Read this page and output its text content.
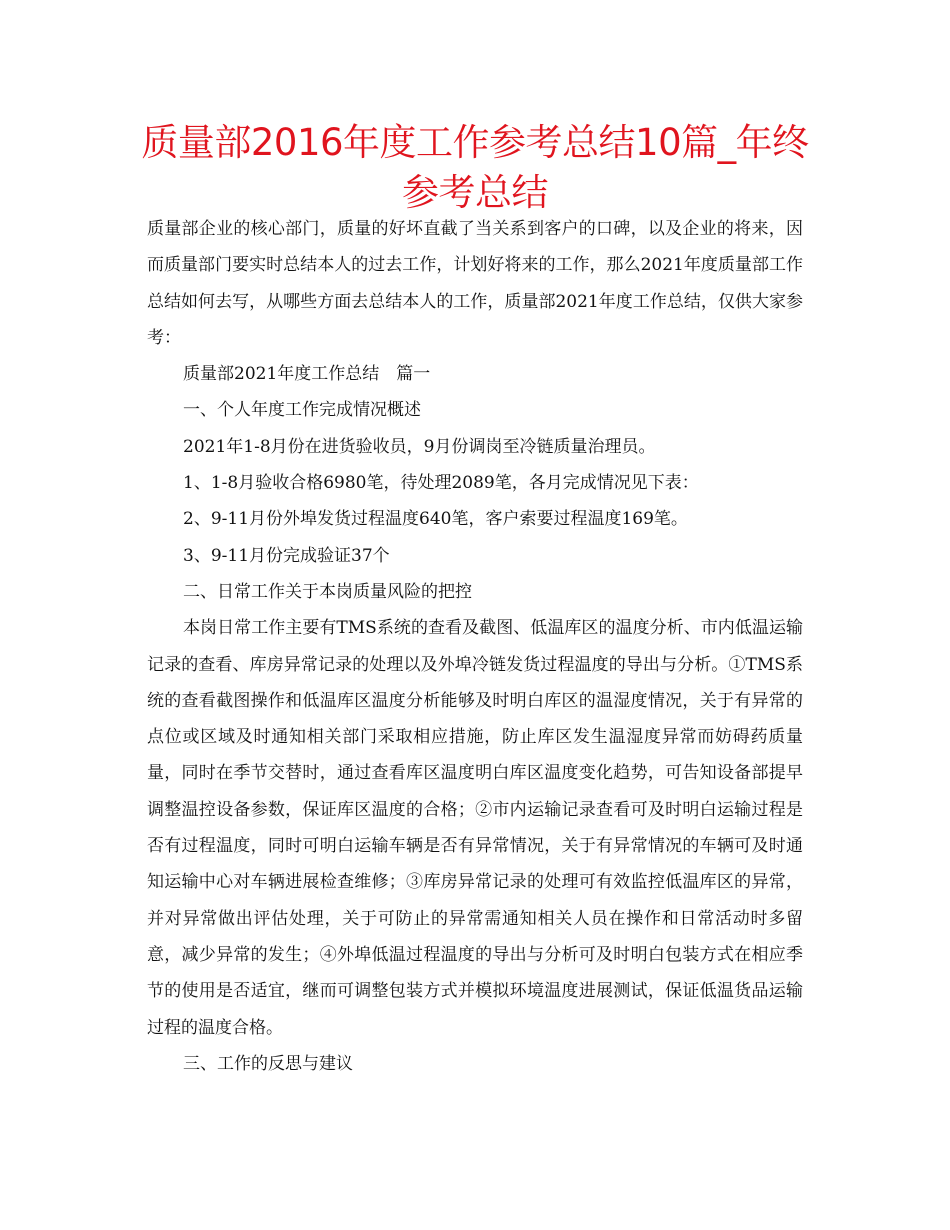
质量部2016年度工作参考总结10篇_年终参考总结

质量部企业的核心部门，质量的好坏直截了当关系到客户的口碑，以及企业的将来，因而质量部门要实时总结本人的过去工作，计划好将来的工作，那么2021年度质量部工作总结如何去写，从哪些方面去总结本人的工作，质量部2021年度工作总结，仅供大家参考：

质量部2021年度工作总结　篇一

一、个人年度工作完成情况概述

2021年1-8月份在进货验收员，9月份调岗至冷链质量治理员。

1、1-8月验收合格6980笔，待处理2089笔，各月完成情况见下表：

2、9-11月份外埠发货过程温度640笔，客户索要过程温度169笔。

3、9-11月份完成验证37个

二、日常工作关于本岗质量风险的把控

本岗日常工作主要有TMS系统的查看及截图、低温库区的温度分析、市内低温运输记录的查看、库房异常记录的处理以及外埠冷链发货过程温度的导出与分析。①TMS系统的查看截图操作和低温库区温度分析能够及时明白库区的温湿度情况，关于有异常的点位或区域及时通知相关部门采取相应措施，防止库区发生温湿度异常而妨碍药质量量，同时在季节交替时，通过查看库区温度明白库区温度变化趋势，可告知设备部提早调整温控设备参数，保证库区温度的合格；②市内运输记录查看可及时明白运输过程是否有过程温度，同时可明白运输车辆是否有异常情况，关于有异常情况的车辆可及时通知运输中心对车辆进展检查维修；③库房异常记录的处理可有效监控低温库区的异常，并对异常做出评估处理，关于可防止的异常需通知相关人员在操作和日常活动时多留意，减少异常的发生；④外埠低温过程温度的导出与分析可及时明白包装方式在相应季节的使用是否适宜，继而可调整包装方式并模拟环境温度进展测试，保证低温货品运输过程的温度合格。

三、工作的反思与建议
